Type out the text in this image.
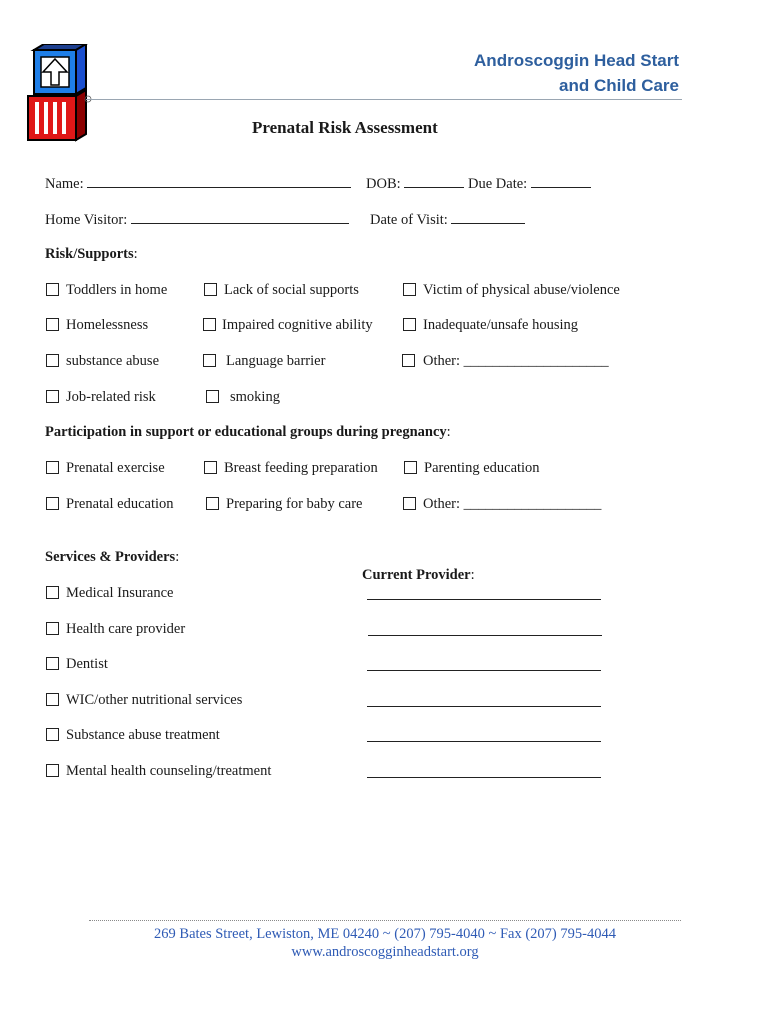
Androscoggin Head Start
and Child Care
Prenatal Risk Assessment
Name:	DOB:	Due Date:
Home Visitor:	Date of Visit:
Risk/Supports:
Toddlers in home	Lack of social supports	Victim of physical abuse/violence
Homelessness	Impaired cognitive ability	Inadequate/unsafe housing
substance abuse	Language barrier	Other: ____________________
Job-related risk	smoking
Participation in support or educational groups during pregnancy:
Prenatal exercise	Breast feeding preparation	Parenting education
Prenatal education	Preparing for baby care	Other: ___________________
Services & Providers:
Current Provider:
Medical Insurance
Health care provider
Dentist
WIC/other nutritional services
Substance abuse treatment
Mental health counseling/treatment
269 Bates Street, Lewiston, ME 04240 ~ (207) 795-4040 ~ Fax (207) 795-4044
www.androscogginheadstart.org
